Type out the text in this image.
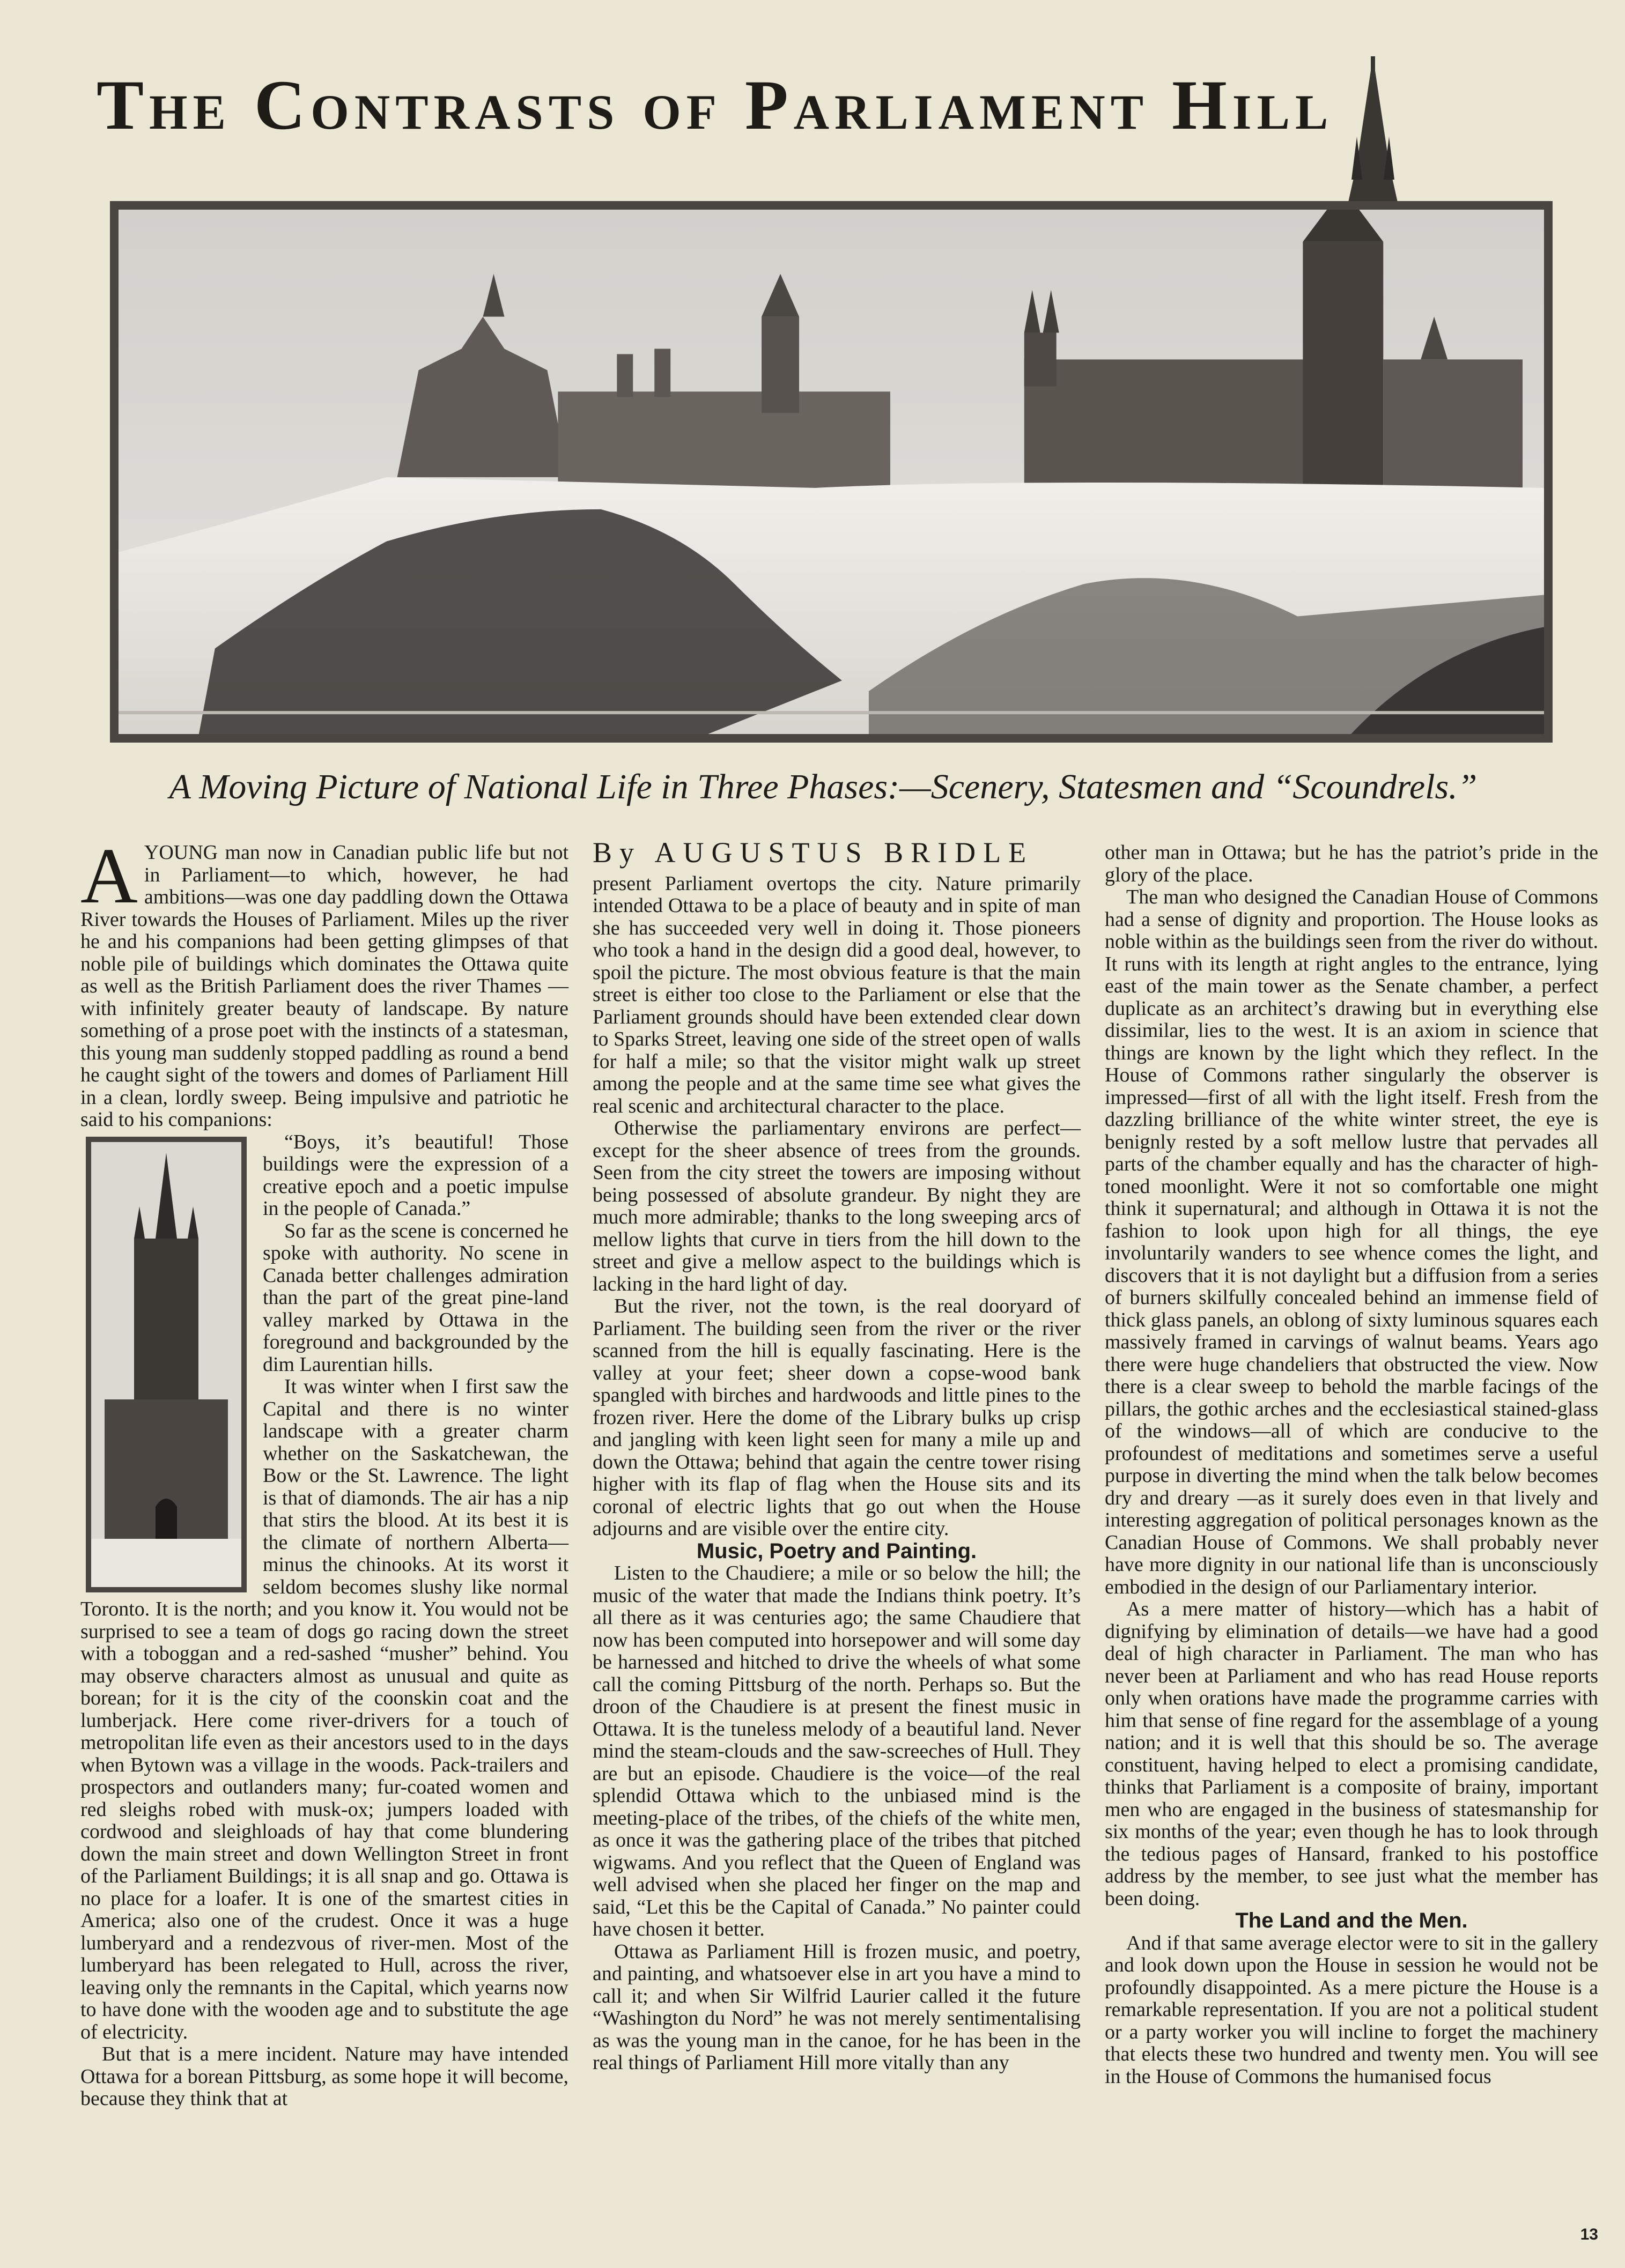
The Contrasts of Parliament Hill
A Moving Picture of National Life in Three Phases:—Scenery, Statesmen and “Scoundrels.”

AYOUNG man now in Canadian public life but not in Parliament—to which, however, he had ambitions—was one day paddling down the Ottawa River towards the Houses of Parliament. Miles up the river he and his companions had been getting glimpses of that noble pile of buildings which dominates the Ottawa quite as well as the British Parliament does the river Thames — with infinitely greater beauty of landscape. By nature something of a prose poet with the instincts of a statesman, this young man suddenly stopped paddling as round a bend he caught sight of the towers and domes of Parliament Hill in a clean, lordly sweep. Being impulsive and patriotic he said to his companions:

“Boys, it’s beautiful! Those buildings were the expression of a creative epoch and a poetic impulse in the people of Canada.”

So far as the scene is concerned he spoke with authority. No scene in Canada better challenges admiration than the part of the great pine-land valley marked by Ottawa in the foreground and backgrounded by the dim Laurentian hills.

It was winter when I first saw the Capital and there is no winter landscape with a greater charm whether on the Saskatchewan, the Bow or the St. Lawrence. The light is that of diamonds. The air has a nip that stirs the blood. At its best it is the climate of northern Alberta—minus the chinooks. At its worst it seldom becomes slushy like normal Toronto. It is the north; and you know it. You would not be surprised to see a team of dogs go racing down the street with a toboggan and a red-sashed “musher” behind. You may observe characters almost as unusual and quite as borean; for it is the city of the coonskin coat and the lumberjack. Here come river-drivers for a touch of metropolitan life even as their ancestors used to in the days when Bytown was a village in the woods. Pack-trailers and prospectors and outlanders many; fur-coated women and red sleighs robed with musk-ox; jumpers loaded with cordwood and sleighloads of hay that come blundering down the main street and down Wellington Street in front of the Parliament Buildings; it is all snap and go. Ottawa is no place for a loafer. It is one of the smartest cities in America; also one of the crudest. Once it was a huge lumberyard and a rendezvous of river-men. Most of the lumberyard has been relegated to Hull, across the river, leaving only the remnants in the Capital, which yearns now to have done with the wooden age and to substitute the age of electricity.

But that is a mere incident. Nature may have intended Ottawa for a borean Pittsburg, as some hope it will become, because they think that at

By AUGUSTUS BRIDLE

present Parliament overtops the city. Nature primarily intended Ottawa to be a place of beauty and in spite of man she has succeeded very well in doing it. Those pioneers who took a hand in the design did a good deal, however, to spoil the picture. The most obvious feature is that the main street is either too close to the Parliament or else that the Parliament grounds should have been extended clear down to Sparks Street, leaving one side of the street open of walls for half a mile; so that the visitor might walk up street among the people and at the same time see what gives the real scenic and architectural character to the place.

Otherwise the parliamentary environs are perfect—except for the sheer absence of trees from the grounds. Seen from the city street the towers are imposing without being possessed of absolute grandeur. By night they are much more admirable; thanks to the long sweeping arcs of mellow lights that curve in tiers from the hill down to the street and give a mellow aspect to the buildings which is lacking in the hard light of day.

But the river, not the town, is the real dooryard of Parliament. The building seen from the river or the river scanned from the hill is equally fascinating. Here is the valley at your feet; sheer down a copse-wood bank spangled with birches and hardwoods and little pines to the frozen river. Here the dome of the Library bulks up crisp and jangling with keen light seen for many a mile up and down the Ottawa; behind that again the centre tower rising higher with its flap of flag when the House sits and its coronal of electric lights that go out when the House adjourns and are visible over the entire city.

Music, Poetry and Painting.

Listen to the Chaudiere; a mile or so below the hill; the music of the water that made the Indians think poetry. It’s all there as it was centuries ago; the same Chaudiere that now has been computed into horsepower and will some day be harnessed and hitched to drive the wheels of what some call the coming Pittsburg of the north. Perhaps so. But the droon of the Chaudiere is at present the finest music in Ottawa. It is the tuneless melody of a beautiful land. Never mind the steam-clouds and the saw-screeches of Hull. They are but an episode. Chaudiere is the voice—of the real splendid Ottawa which to the unbiased mind is the meeting-place of the tribes, of the chiefs of the white men, as once it was the gathering place of the tribes that pitched wigwams. And you reflect that the Queen of England was well advised when she placed her finger on the map and said, “Let this be the Capital of Canada.” No painter could have chosen it better.

Ottawa as Parliament Hill is frozen music, and poetry, and painting, and whatsoever else in art you have a mind to call it; and when Sir Wilfrid Laurier called it the future “Washington du Nord” he was not merely sentimentalising as was the young man in the canoe, for he has been in the real things of Parliament Hill more vitally than any

other man in Ottawa; but he has the patriot’s pride in the glory of the place.

The man who designed the Canadian House of Commons had a sense of dignity and proportion. The House looks as noble within as the buildings seen from the river do without. It runs with its length at right angles to the entrance, lying east of the main tower as the Senate chamber, a perfect duplicate as an architect’s drawing but in everything else dissimilar, lies to the west. It is an axiom in science that things are known by the light which they reflect. In the House of Commons rather singularly the observer is impressed—first of all with the light itself. Fresh from the dazzling brilliance of the white winter street, the eye is benignly rested by a soft mellow lustre that pervades all parts of the chamber equally and has the character of high-toned moonlight. Were it not so comfortable one might think it supernatural; and although in Ottawa it is not the fashion to look upon high for all things, the eye involuntarily wanders to see whence comes the light, and discovers that it is not daylight but a diffusion from a series of burners skilfully concealed behind an immense field of thick glass panels, an oblong of sixty luminous squares each massively framed in carvings of walnut beams. Years ago there were huge chandeliers that obstructed the view. Now there is a clear sweep to behold the marble facings of the pillars, the gothic arches and the ecclesiastical stained-glass of the windows—all of which are conducive to the profoundest of meditations and sometimes serve a useful purpose in diverting the mind when the talk below becomes dry and dreary —as it surely does even in that lively and interesting aggregation of political personages known as the Canadian House of Commons. We shall probably never have more dignity in our national life than is unconsciously embodied in the design of our Parliamentary interior.

As a mere matter of history—which has a habit of dignifying by elimination of details—we have had a good deal of high character in Parliament. The man who has never been at Parliament and who has read House reports only when orations have made the programme carries with him that sense of fine regard for the assemblage of a young nation; and it is well that this should be so. The average constituent, having helped to elect a promising candidate, thinks that Parliament is a composite of brainy, important men who are engaged in the business of statesmanship for six months of the year; even though he has to look through the tedious pages of Hansard, franked to his postoffice address by the member, to see just what the member has been doing.

The Land and the Men.

And if that same average elector were to sit in the gallery and look down upon the House in session he would not be profoundly disappointed. As a mere picture the House is a remarkable representation. If you are not a political student or a party worker you will incline to forget the machinery that elects these two hundred and twenty men. You will see in the House of Commons the humanised focus

13
